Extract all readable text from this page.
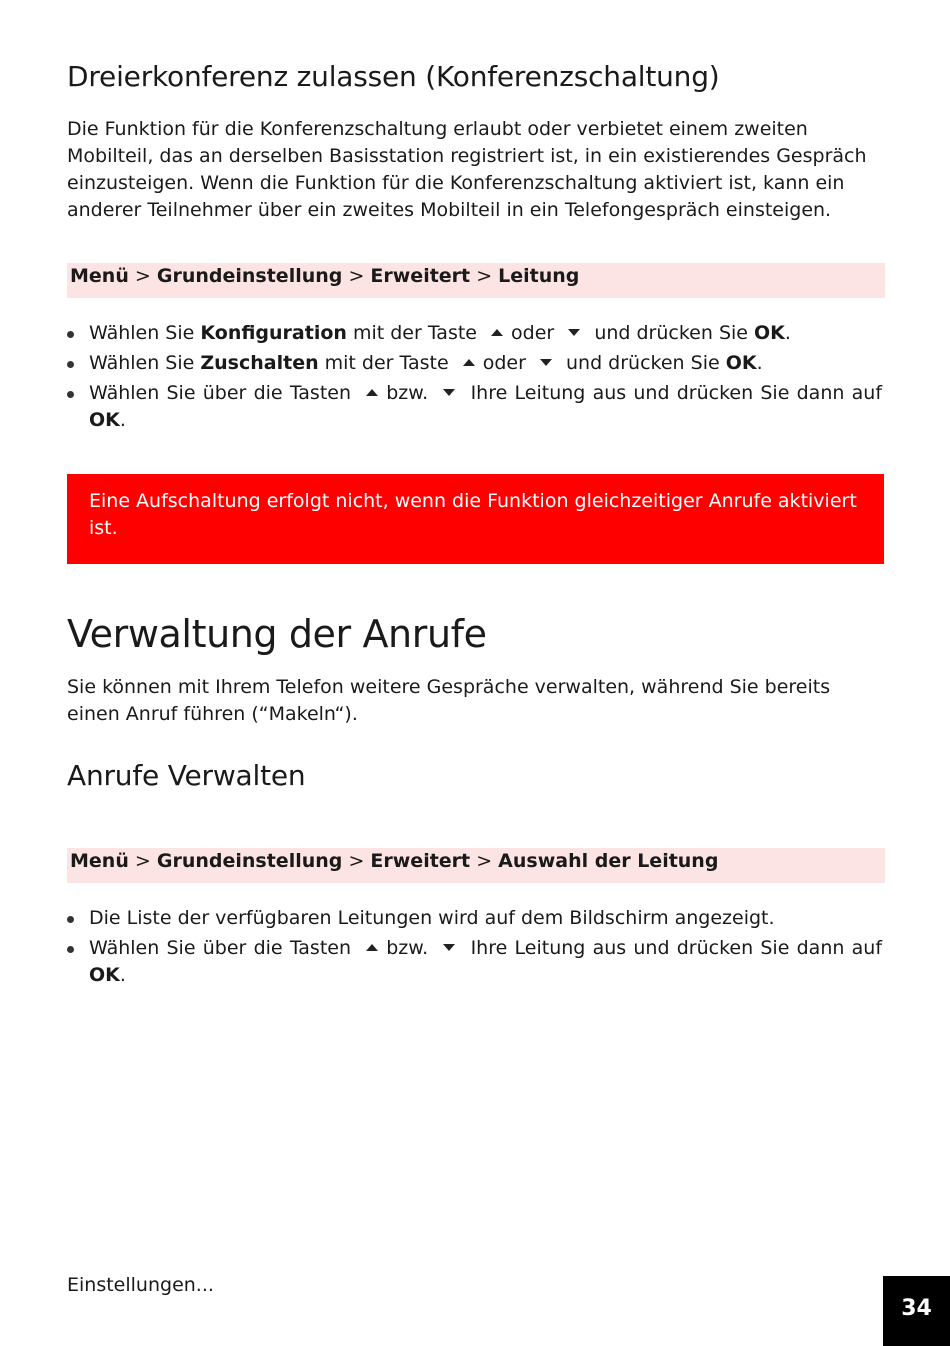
Dreierkonferenz zulassen (Konferenzschaltung)

Die Funktion für die Konferenzschaltung erlaubt oder verbietet einem zweiten Mobilteil, das an derselben Basisstation registriert ist, in ein existierendes Gespräch einzusteigen. Wenn die Funktion für die Konferenzschaltung aktiviert ist, kann ein anderer Teilnehmer über ein zweites Mobilteil in ein Telefongespräch einsteigen.

Menü > Grundeinstellung > Erweitert > Leitung
Wählen Sie Konfiguration mit der Taste oder und drücken Sie OK.
Wählen Sie Zuschalten mit der Taste oder und drücken Sie OK.
Wählen Sie über die Tasten bzw. Ihre Leitung aus und drücken Sie dann auf OK.
Eine Aufschaltung erfolgt nicht, wenn die Funktion gleichzeitiger Anrufe aktiviert ist.
Verwaltung der Anrufe

Sie können mit Ihrem Telefon weitere Gespräche verwalten, während Sie bereits einen Anruf führen (“Makeln“).

Anrufe Verwalten
Menü > Grundeinstellung > Erweitert > Auswahl der Leitung
Die Liste der verfügbaren Leitungen wird auf dem Bildschirm angezeigt.
Wählen Sie über die Tasten bzw. Ihre Leitung aus und drücken Sie dann auf OK.
Einstellungen...
34
